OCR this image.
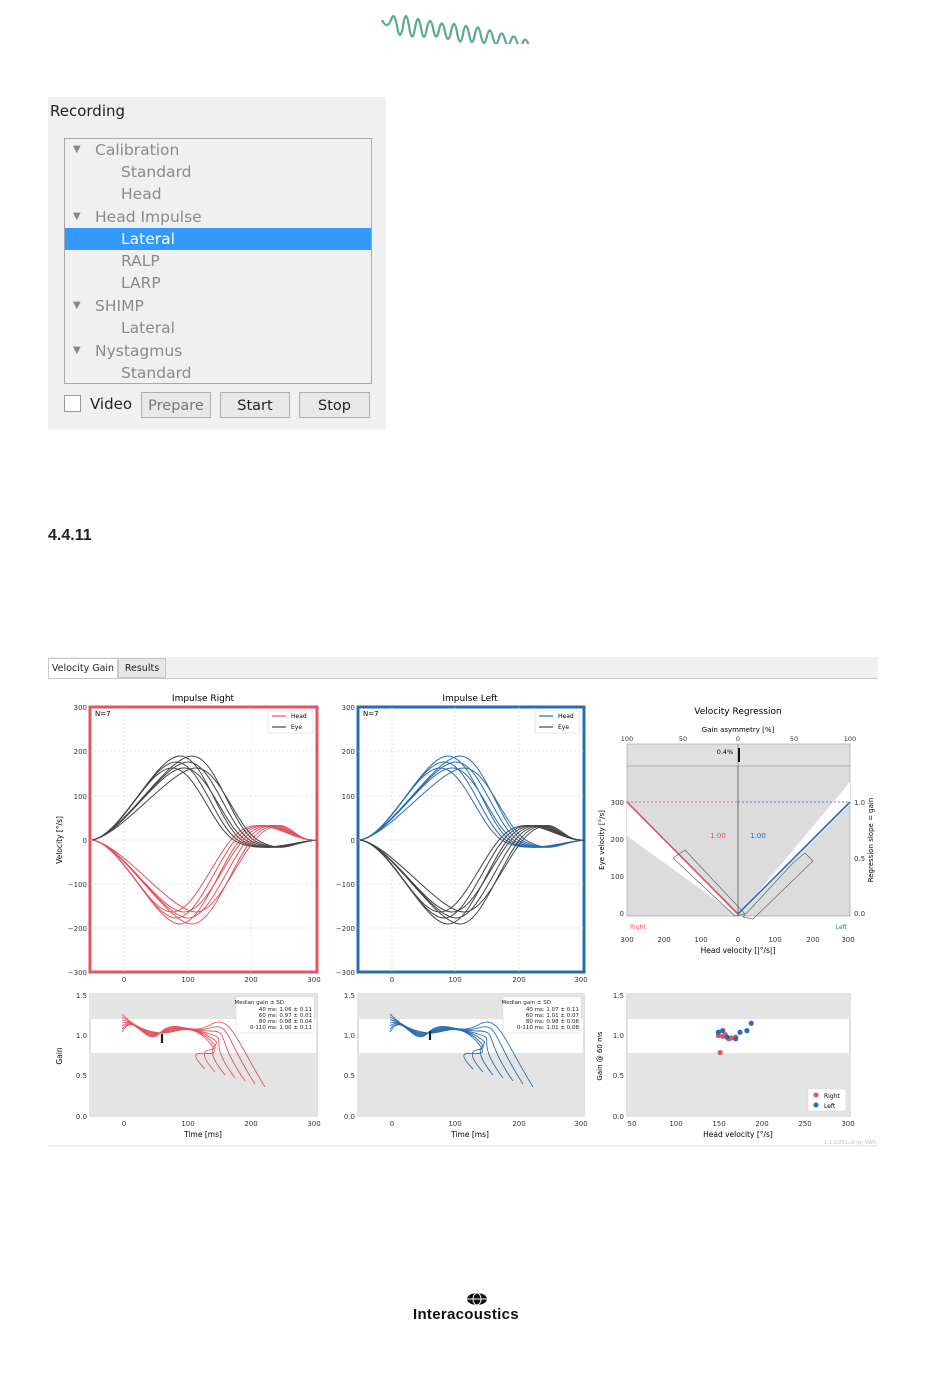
Recording
▼ Calibration
Standard
Head
▼ Head Impulse
Lateral
RALP
LARP
▼ SHIMP
Lateral
▼ Nystagmus
Standard
Video	Prepare	Start	Stop
4.4.11
Velocity Gain	Results
Impulse Right
300
200
100
0
−100
−200
−300
0	100	200	300
Velocity [°/s]
N=7	Head
Eye
Impulse Left
300
200
100
0
−100
−200
−300
0	100	200	300
N=7	Head
Eye
Velocity Regression
Gain asymmetry [%]
100	50	0	50	100
0.4%
1.00	1.00
Right	Left
300
200
100
0
1.0
0.5
0.0
300	200	100	0	100	200	300
Head velocity [|°/s|]
Eye velocity [°/s]	Regression slope = gain
1.5
1.0
0.5
0.0
0	100	200	300
Time [ms]
Gain
Median gain ± SD
40 ms: 1.06 ± 0.11
60 ms: 0.97 ± 0.01
80 ms: 0.98 ± 0.04
0-110 ms: 1.00 ± 0.11
I
1.5
1.0
0.5
0.0
0	100	200	300
Time [ms]
Median gain ± SD
40 ms: 1.07 ± 0.11
60 ms: 1.01 ± 0.07
80 ms: 0.98 ± 0.06
0-110 ms: 1.01 ± 0.08
I
1.5
1.0
0.5
0.0
50	100	150	200	250	300
Head velocity [°/s]
Gain @ 60 ms
Right
Left
1.1.0.001.UI (a) 5Wh
Interacoustics
